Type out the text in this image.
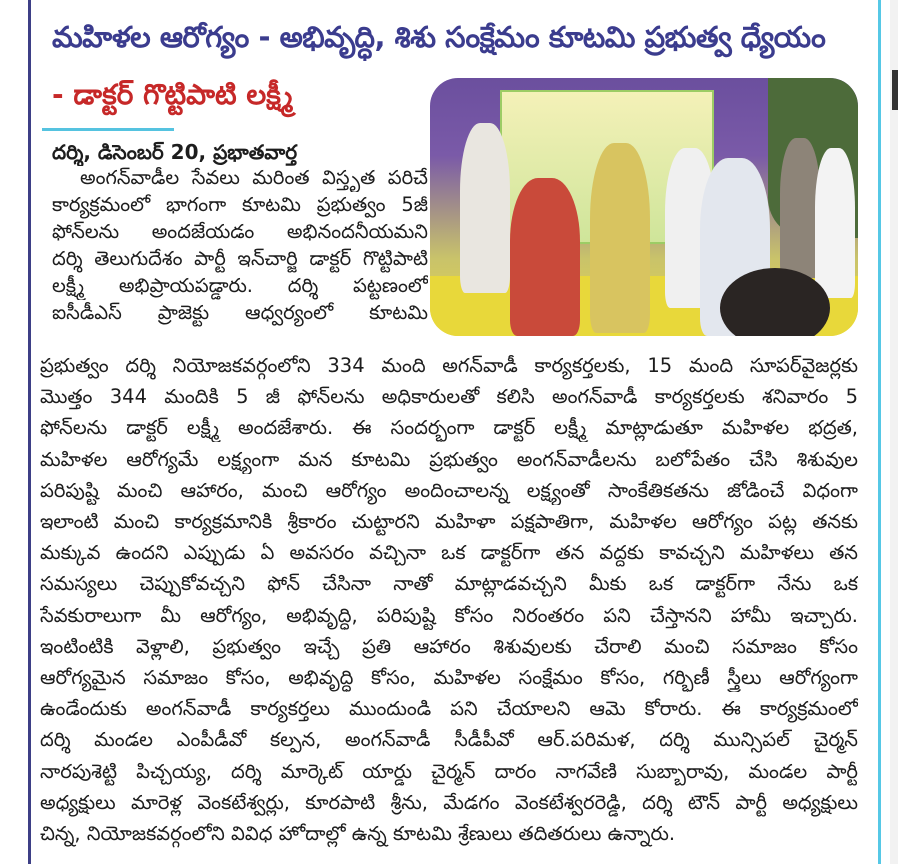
మహిళల ఆరోగ్యం - అభివృద్ధి, శిశు సంక్షేమం కూటమి ప్రభుత్వ ధ్యేయం
- డాక్టర్ గొట్టిపాటి లక్ష్మీ
దర్శి, డిసెంబర్ 20, ప్రభాతవార్త
అంగన్‌వాడీల సేవలు మరింత విస్తృత పరిచే
కార్యక్రమంలో భాగంగా కూటమి ప్రభుత్వం 5జీ
ఫోన్‌లను అందజేయడం అభినందనీయమని
దర్శి తెలుగుదేశం పార్టీ ఇన్‌చార్జి డాక్టర్ గొట్టిపాటి
లక్ష్మీ అభిప్రాయపడ్డారు. దర్శి పట్టణంలో
ఐసీడీఎస్ ప్రాజెక్టు ఆధ్వర్యంలో కూటమి
ప్రభుత్వం దర్శి నియోజకవర్గంలోని 334 మంది అగన్‌వాడీ కార్యకర్తలకు, 15 మంది సూపర్‌వైజర్లకు
మొత్తం 344 మందికి 5 జీ ఫోన్‌లను అధికారులతో కలిసి అంగన్‌వాడీ కార్యకర్తలకు శనివారం 5
ఫోన్‌లను డాక్టర్ లక్ష్మీ అందజేశారు. ఈ సందర్భంగా డాక్టర్ లక్ష్మీ మాట్లాడుతూ మహిళల భద్రత,
మహిళల ఆరోగ్యమే లక్ష్యంగా మన కూటమి ప్రభుత్వం అంగన్‌వాడీలను బలోపేతం చేసి శిశువుల
పరిపుష్టి మంచి ఆహారం, మంచి ఆరోగ్యం అందించాలన్న లక్ష్యంతో సాంకేతికతను జోడించే విధంగా
ఇలాంటి మంచి కార్యక్రమానికి శ్రీకారం చుట్టారని మహిళా పక్షపాతిగా, మహిళల ఆరోగ్యం పట్ల తనకు
మక్కువ ఉందని ఎప్పుడు ఏ అవసరం వచ్చినా ఒక డాక్టర్‌గా తన వద్దకు కావచ్చని మహిళలు తన
సమస్యలు చెప్పుకోవచ్చని ఫోన్ చేసినా నాతో మాట్లాడవచ్చని మీకు ఒక డాక్టర్‌గా నేను ఒక
సేవకురాలుగా మీ ఆరోగ్యం, అభివృద్ధి, పరిపుష్టి కోసం నిరంతరం పని చేస్తానని హామీ ఇచ్చారు.
ఇంటింటికి వెళ్లాలి, ప్రభుత్వం ఇచ్చే ప్రతి ఆహారం శిశువులకు చేరాలి మంచి సమాజం కోసం
ఆరోగ్యమైన సమాజం కోసం, అభివృద్ధి కోసం, మహిళల సంక్షేమం కోసం, గర్భిణీ స్త్రీలు ఆరోగ్యంగా
ఉండేందుకు అంగన్‌వాడీ కార్యకర్తలు ముందుండి పని చేయాలని ఆమె కోరారు. ఈ కార్యక్రమంలో
దర్శి మండల ఎంపీడీవో కల్పన, అంగన్‌వాడీ సీడీపీవో ఆర్.పరిమళ, దర్శి మున్సిపల్ చైర్మన్
నారపుశెట్టి పిచ్చయ్య, దర్శి మార్కెట్ యార్డు చైర్మన్ దారం నాగవేణి సుబ్బారావు, మండల పార్టీ
అధ్యక్షులు మారెళ్ల వెంకటేశ్వర్లు, కూరపాటి శ్రీను, మేడగం వెంకటేశ్వరరెడ్డి, దర్శి టౌన్ పార్టీ అధ్యక్షులు
చిన్న, నియోజకవర్గంలోని వివిధ హోదాల్లో ఉన్న కూటమి శ్రేణులు తదితరులు ఉన్నారు.
